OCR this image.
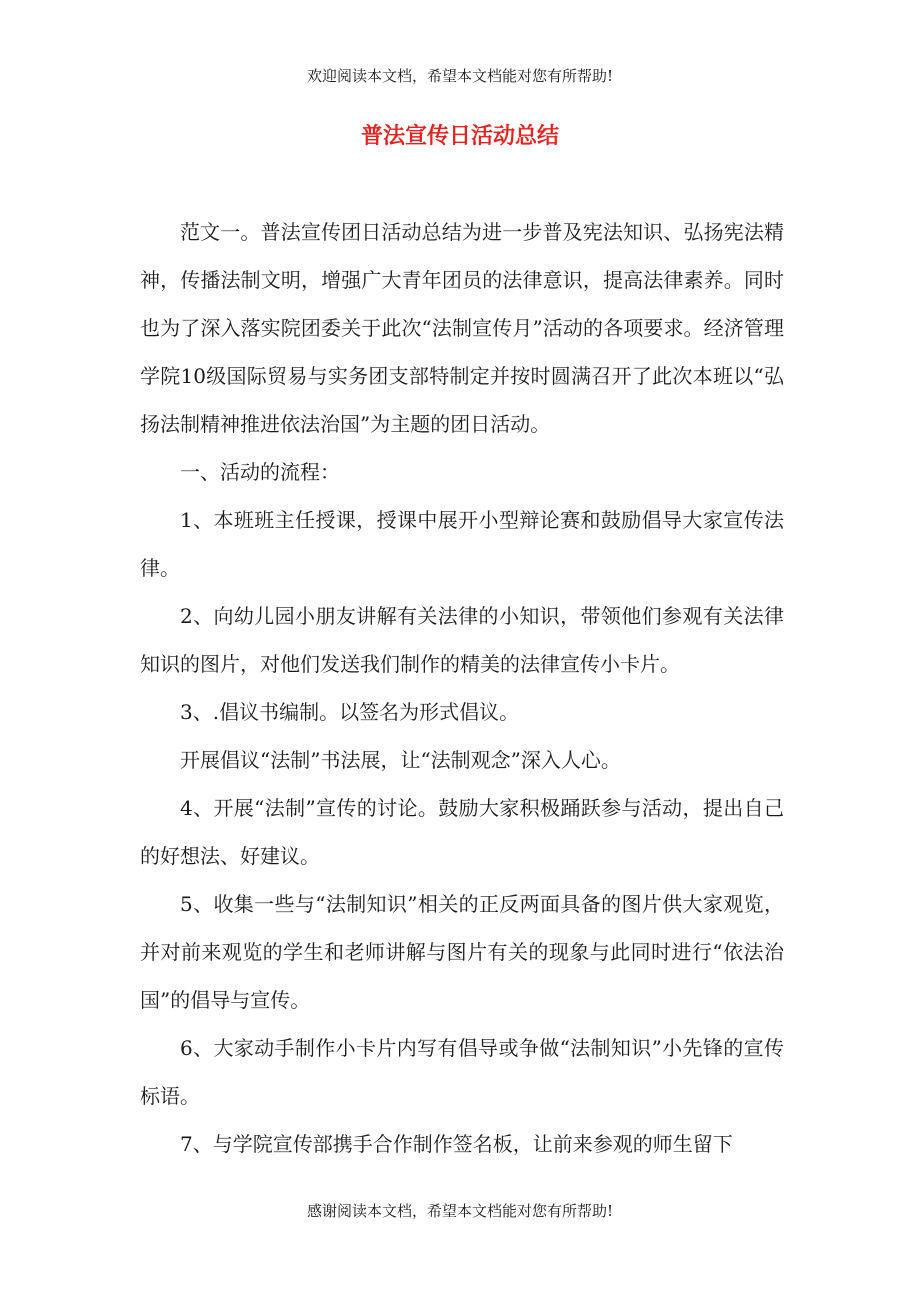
欢迎阅读本文档，希望本文档能对您有所帮助!
普法宣传日活动总结

范文一。普法宣传团日活动总结为进一步普及宪法知识、弘扬宪法精神，传播法制文明，增强广大青年团员的法律意识，提高法律素养。同时也为了深入落实院团委关于此次“法制宣传月”活动的各项要求。经济管理学院10级国际贸易与实务团支部特制定并按时圆满召开了此次本班以“弘扬法制精神推进依法治国”为主题的团日活动。

一、活动的流程：

1、本班班主任授课，授课中展开小型辩论赛和鼓励倡导大家宣传法律。

2、向幼儿园小朋友讲解有关法律的小知识，带领他们参观有关法律知识的图片，对他们发送我们制作的精美的法律宣传小卡片。

3、.倡议书编制。以签名为形式倡议。

开展倡议“法制”书法展，让“法制观念”深入人心。

4、开展“法制”宣传的讨论。鼓励大家积极踊跃参与活动，提出自己的好想法、好建议。

5、收集一些与“法制知识”相关的正反两面具备的图片供大家观览，并对前来观览的学生和老师讲解与图片有关的现象与此同时进行“依法治国”的倡导与宣传。

6、大家动手制作小卡片内写有倡导或争做“法制知识”小先锋的宣传标语。

7、与学院宣传部携手合作制作签名板，让前来参观的师生留下

感谢阅读本文档，希望本文档能对您有所帮助!
